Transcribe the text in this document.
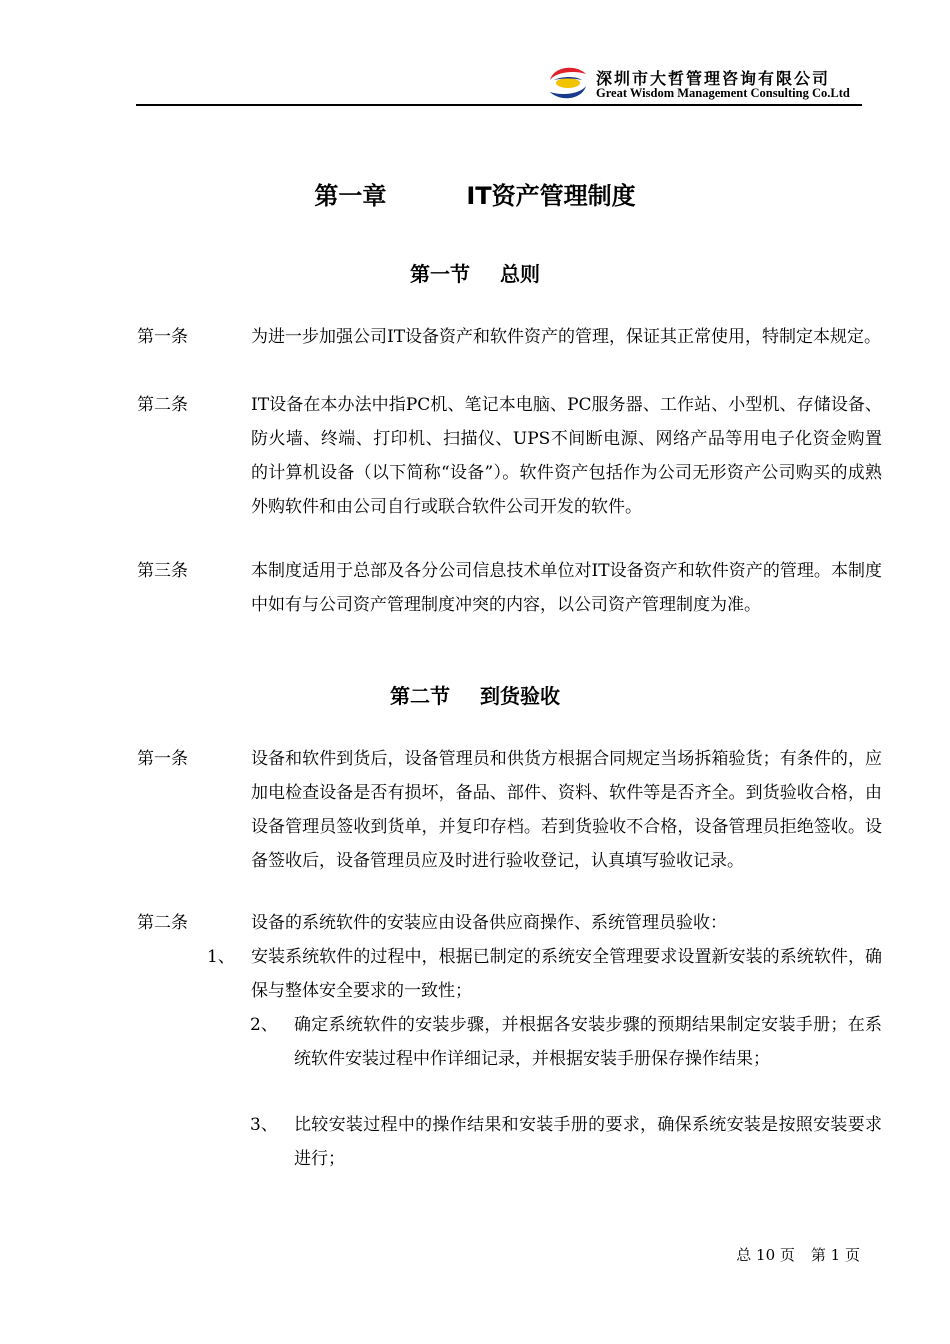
深圳市大哲管理咨询有限公司
Great Wisdom Management Consulting Co.Ltd
第一章	IT资产管理制度
第一节 总则
第一条	为进一步加强公司IT设备资产和软件资产的管理，保证其正常使用，特制定本规定。
第二条	IT设备在本办法中指PC机、笔记本电脑、PC服务器、工作站、小型机、存储设备、防火墙、终端、打印机、扫描仪、UPS不间断电源、网络产品等用电子化资金购置的计算机设备（以下简称“设备”）。软件资产包括作为公司无形资产公司购买的成熟外购软件和由公司自行或联合软件公司开发的软件。
第三条	本制度适用于总部及各分公司信息技术单位对IT设备资产和软件资产的管理。本制度中如有与公司资产管理制度冲突的内容，以公司资产管理制度为准。
第二节 到货验收
第一条	设备和软件到货后，设备管理员和供货方根据合同规定当场拆箱验货；有条件的，应加电检查设备是否有损坏，备品、部件、资料、软件等是否齐全。到货验收合格，由设备管理员签收到货单，并复印存档。若到货验收不合格，设备管理员拒绝签收。设备签收后，设备管理员应及时进行验收登记，认真填写验收记录。
第二条	设备的系统软件的安装应由设备供应商操作、系统管理员验收：
1、 安装系统软件的过程中，根据已制定的系统安全管理要求设置新安装的系统软件，确保与整体安全要求的一致性；
2、 确定系统软件的安装步骤，并根据各安装步骤的预期结果制定安装手册；在系统软件安装过程中作详细记录，并根据安装手册保存操作结果；
3、 比较安装过程中的操作结果和安装手册的要求，确保系统安装是按照安装要求进行；
总 10 页 第 1 页
